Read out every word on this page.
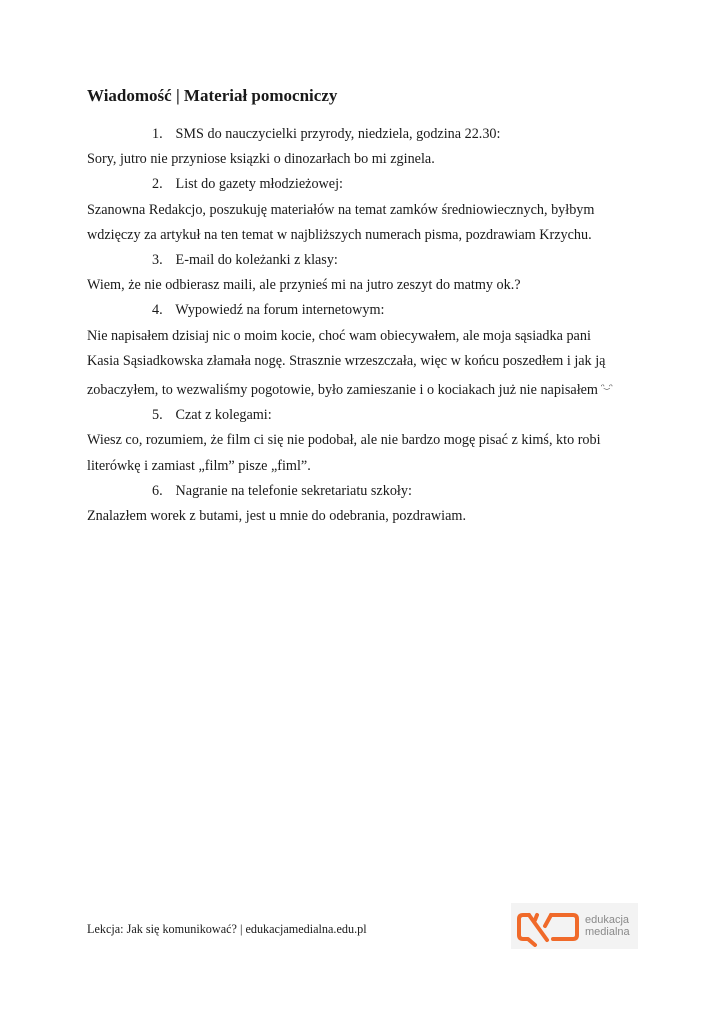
Wiadomość | Materiał pomocniczy

1. SMS do nauczycielki przyrody, niedziela, godzina 22.30:

Sory, jutro nie przyniose ksiązki o dinozarłach bo mi zginela.

2. List do gazety młodzieżowej:

Szanowna Redakcjo, poszukuję materiałów na temat zamków średniowiecznych, byłbym

wdzięczy za artykuł na ten temat w najbliższych numerach pisma, pozdrawiam Krzychu.

3. E-mail do koleżanki z klasy:

Wiem, że nie odbierasz maili, ale przynieś mi na jutro zeszyt do matmy ok.?

4. Wypowiedź na forum internetowym:

Nie napisałem dzisiaj nic o moim kocie, choć wam obiecywałem, ale moja sąsiadka pani

Kasia Sąsiadkowska złamała nogę. Strasznie wrzeszczała, więc w końcu poszedłem i jak ją

zobaczyłem, to wezwaliśmy pogotowie, było zamieszanie i o kociakach już nie napisałem $^{ᴖ‿ᴖ}$

5. Czat z kolegami:

Wiesz co, rozumiem, że film ci się nie podobał, ale nie bardzo mogę pisać z kimś, kto robi

literówkę i zamiast „film” pisze „fiml”.

6. Nagranie na telefonie sekretariatu szkoły:

Znalazłem worek z butami, jest u mnie do odebrania, pozdrawiam.

Lekcja: Jak się komunikować? | edukacjamedialna.edu.pl
edukacja
medialna
